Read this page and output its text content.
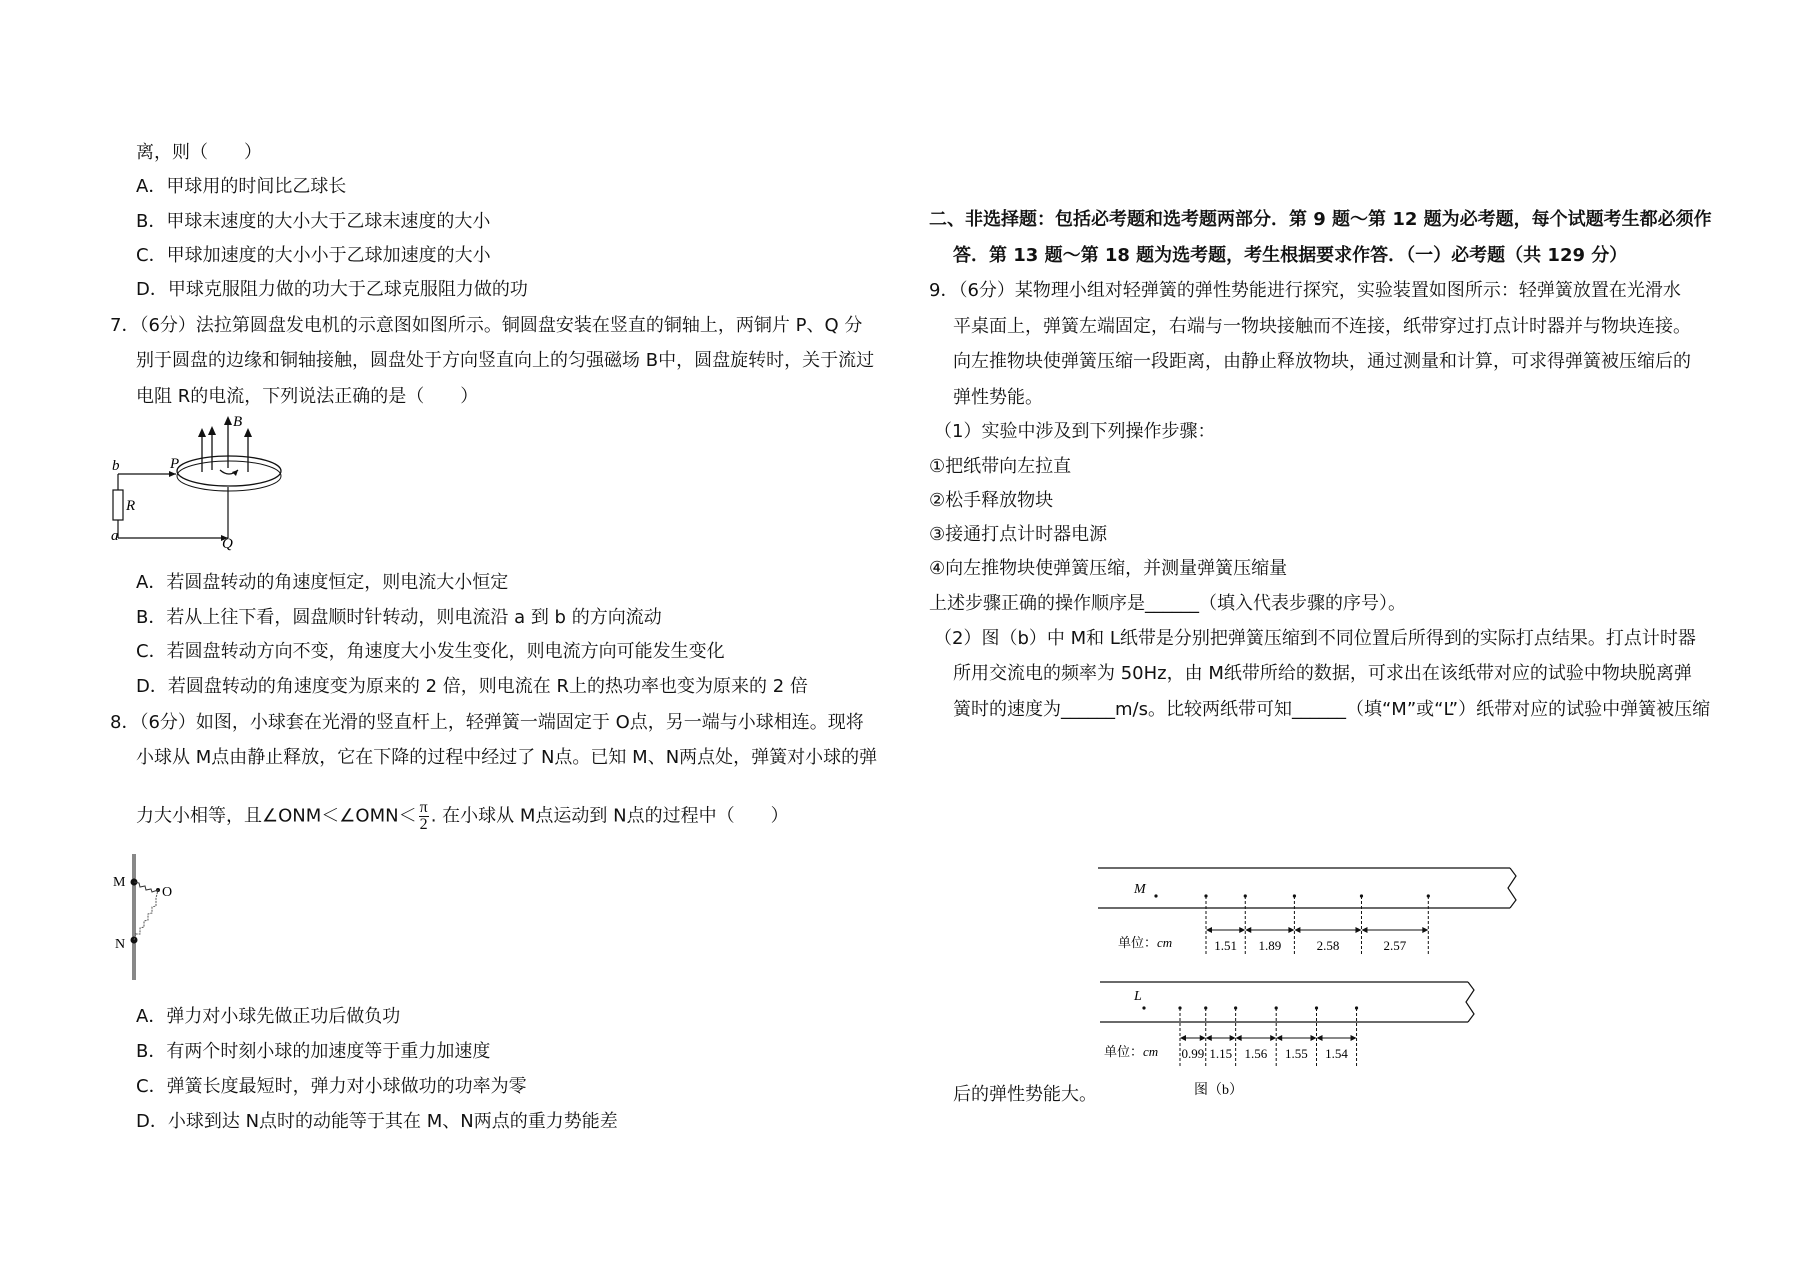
离，则（　　）
A．甲球用的时间比乙球长
B．甲球末速度的大小大于乙球末速度的大小
C．甲球加速度的大小小于乙球加速度的大小
D．甲球克服阻力做的功大于乙球克服阻力做的功
7．（6分）法拉第圆盘发电机的示意图如图所示。铜圆盘安装在竖直的铜轴上，两铜片 P、Q 分
别于圆盘的边缘和铜轴接触，圆盘处于方向竖直向上的匀强磁场 B中，圆盘旋转时，关于流过
电阻 R的电流，下列说法正确的是（　　）
B
P
b
R
a	Q
A．若圆盘转动的角速度恒定，则电流大小恒定
B．若从上往下看，圆盘顺时针转动，则电流沿 a 到 b 的方向流动
C．若圆盘转动方向不变，角速度大小发生变化，则电流方向可能发生变化
D．若圆盘转动的角速度变为原来的 2 倍，则电流在 R上的热功率也变为原来的 2 倍
8．（6分）如图，小球套在光滑的竖直杆上，轻弹簧一端固定于 O点，另一端与小球相连。现将
小球从 M点由静止释放，它在下降的过程中经过了 N点。已知 M、N两点处，弹簧对小球的弹
力大小相等，且∠ONM＜∠OMN＜ $\frac{\pi}{2}$ . 在小球从 M点运动到 N点的过程中（　　）
M
O
N
A．弹力对小球先做正功后做负功
B．有两个时刻小球的加速度等于重力加速度
C．弹簧长度最短时，弹力对小球做功的功率为零
D．小球到达 N点时的动能等于其在 M、N两点的重力势能差
二、非选择题：包括必考题和选考题两部分．第 9 题～第 12 题为必考题，每个试题考生都必须作
答．第 13 题～第 18 题为选考题，考生根据要求作答．（一）必考题（共 129 分）
9．（6分）某物理小组对轻弹簧的弹性势能进行探究，实验装置如图所示：轻弹簧放置在光滑水
平桌面上，弹簧左端固定，右端与一物块接触而不连接，纸带穿过打点计时器并与物块连接。
向左推物块使弹簧压缩一段距离，由静止释放物块，通过测量和计算，可求得弹簧被压缩后的
弹性势能。
（1）实验中涉及到下列操作步骤：
①把纸带向左拉直
②松手释放物块
③接通打点计时器电源
④向左推物块使弹簧压缩，并测量弹簧压缩量
上述步骤正确的操作顺序是______（填入代表步骤的序号）。
（2）图（b）中 M和 L纸带是分别把弹簧压缩到不同位置后所得到的实际打点结果。打点计时器
所用交流电的频率为 50Hz，由 M纸带所给的数据，可求出在该纸带对应的试验中物块脱离弹
簧时的速度为______m/s。比较两纸带可知______（填“M”或“L”）纸带对应的试验中弹簧被压缩
后的弹性势能大。
M
1.51 1.89	2.58	2.57
单位：cm
L
0.99 1.15 1.56 1.55 1.54
单位：cm
图（b）
